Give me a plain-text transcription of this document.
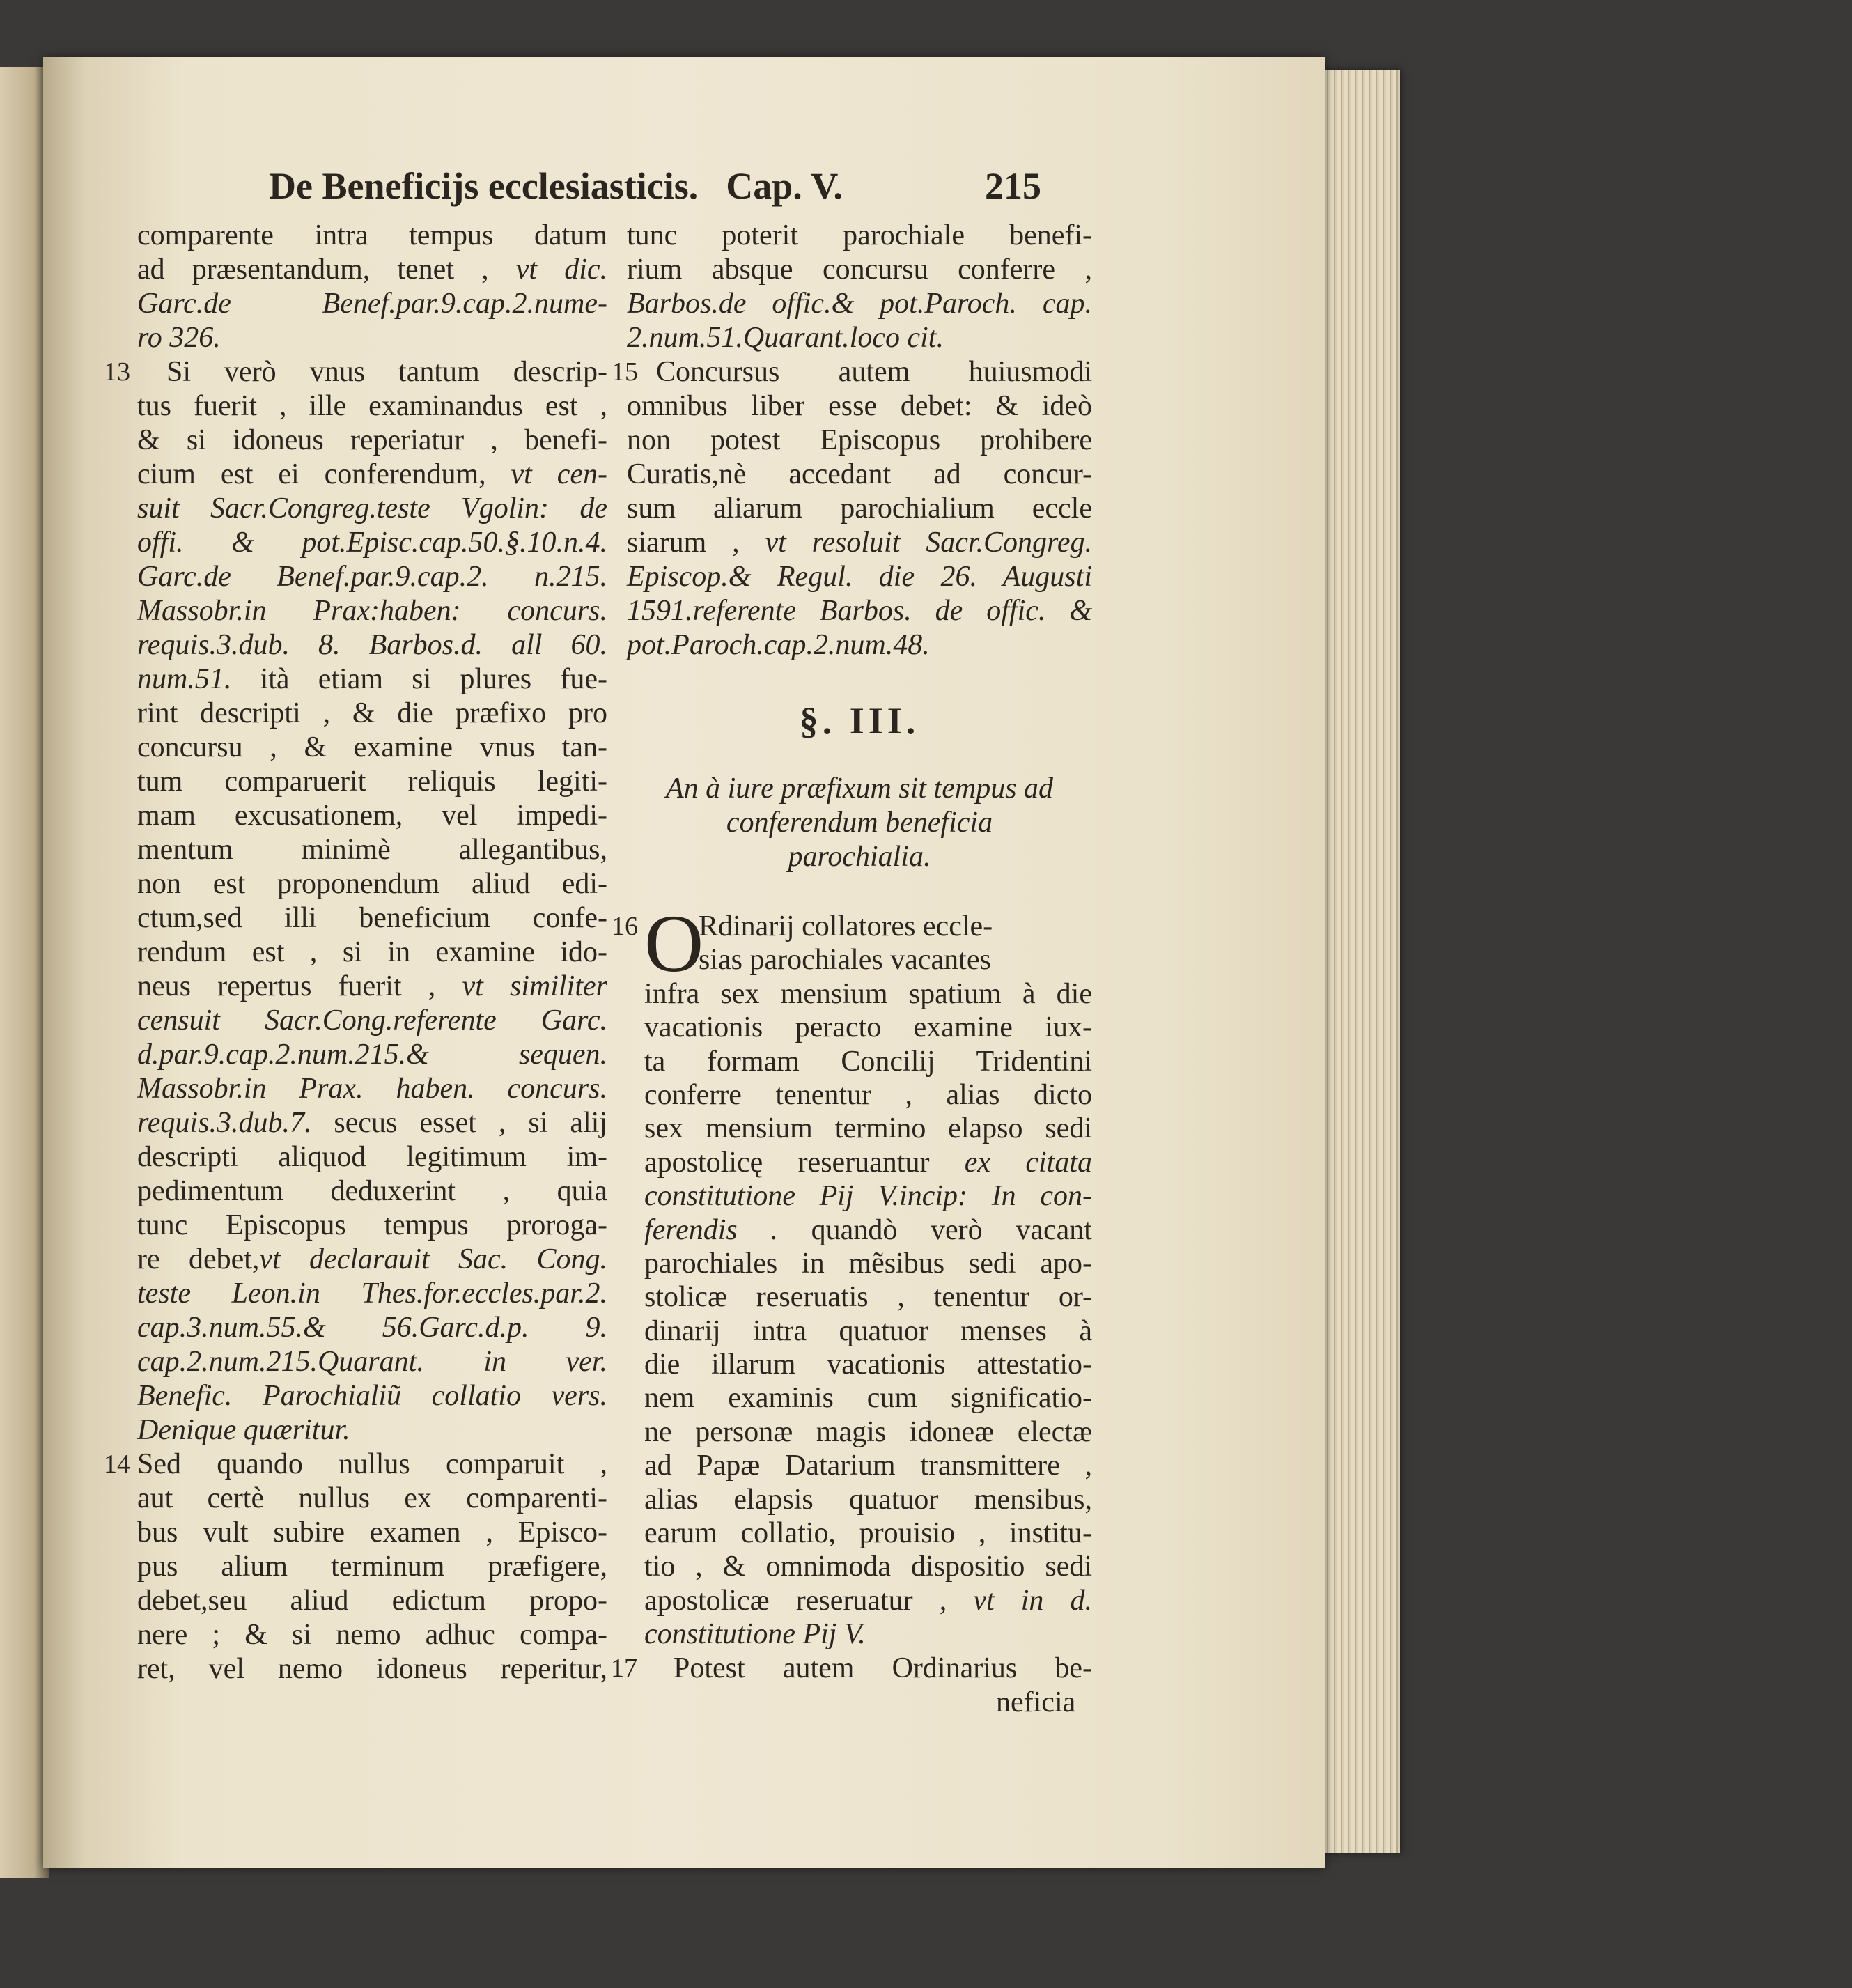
De Beneficijs ecclesiasticis. Cap. V.	215
comparente intra tempus datum
ad præsentandum, tenet , vt dic.
Garc.de Benef.par.9.cap.2.nume-
ro 326.
13 Si verò vnus tantum descrip-
tus fuerit , ille examinandus est ,
& si idoneus reperiatur , benefi-
cium est ei conferendum, vt cen-
suit Sacr.Congreg.teste Vgolin: de
offi. & pot.Episc.cap.50.§.10.n.4.
Garc.de Benef.par.9.cap.2. n.215.
Massobr.in Prax:haben: concurs.
requis.3.dub. 8. Barbos.d. all 60.
num.51. ità etiam si plures fue-
rint descripti , & die præfixo pro
concursu , & examine vnus tan-
tum comparuerit reliquis legiti-
mam excusationem, vel impedi-
mentum minimè allegantibus,
non est proponendum aliud edi-
ctum,sed illi beneficium confe-
rendum est , si in examine ido-
neus repertus fuerit , vt similiter
censuit Sacr.Cong.referente Garc.
d.par.9.cap.2.num.215.& sequen.
Massobr.in Prax. haben. concurs.
requis.3.dub.7. secus esset , si alij
descripti aliquod legitimum im-
pedimentum deduxerint , quia
tunc Episcopus tempus proroga-
re debet,vt declarauit Sac. Cong.
teste Leon.in Thes.for.eccles.par.2.
cap.3.num.55.& 56.Garc.d.p. 9.
cap.2.num.215.Quarant. in ver.
Benefic. Parochialiũ collatio vers.
Denique quæritur.
14 Sed quando nullus comparuit ,
aut certè nullus ex comparenti-
bus vult subire examen , Episco-
pus alium terminum præfigere,
debet,seu aliud edictum propo-
nere ; & si nemo adhuc compa-
ret, vel nemo idoneus reperitur,
tunc poterit parochiale benefi-
rium absque concursu conferre ,
Barbos.de offic.& pot.Paroch. cap.
2.num.51.Quarant.loco cit.
15 Concursus autem huiusmodi
omnibus liber esse debet: & ideò
non potest Episcopus prohibere
Curatis,nè accedant ad concur-
sum aliarum parochialium eccle
siarum , vt resoluit Sacr.Congreg.
Episcop.& Regul. die 26. Augusti
1591.referente Barbos. de offic. &
pot.Paroch.cap.2.num.48.
§. III.
An à iure præfixum sit tempus ad
conferendum beneficia
parochialia.
16 O
Rdinarij collatores eccle-
sias parochiales vacantes
infra sex mensium spatium à die
vacationis peracto examine iux-
ta formam Concilij Tridentini
conferre tenentur , alias dicto
sex mensium termino elapso sedi
apostolicę reseruantur ex citata
constitutione Pij V.incip: In con-
ferendis . quandò verò vacant
parochiales in mẽsibus sedi apo-
stolicæ reseruatis , tenentur or-
dinarij intra quatuor menses à
die illarum vacationis attestatio-
nem examinis cum significatio-
ne personæ magis idoneæ electæ
ad Papæ Datarium transmittere ,
alias elapsis quatuor mensibus,
earum collatio, prouisio , institu-
tio , & omnimoda dispositio sedi
apostolicæ reseruatur , vt in d.
constitutione Pij V.
17 Potest autem Ordinarius be-
neficia
